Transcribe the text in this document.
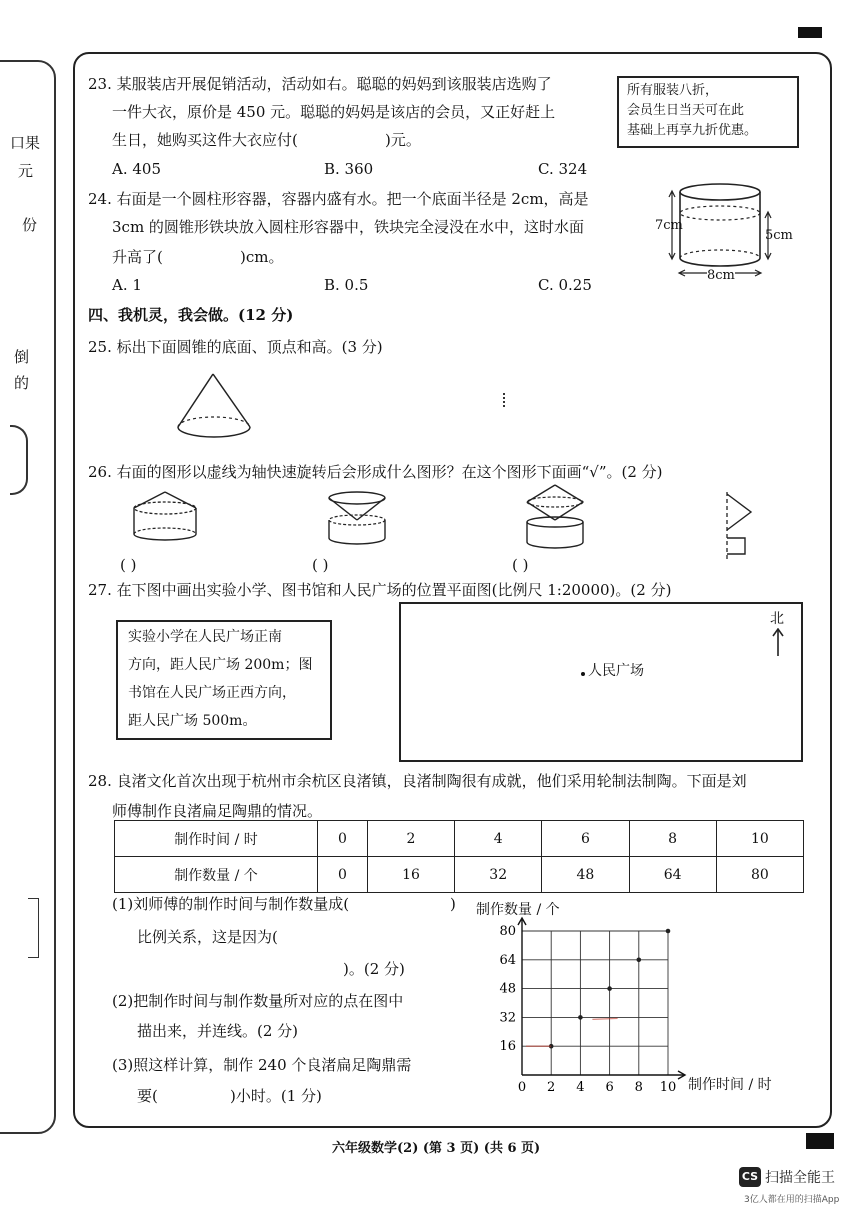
口果
元
份
倒
的
23. 某服装店开展促销活动，活动如右。聪聪的妈妈到该服装店选购了
一件大衣，原价是 450 元。聪聪的妈妈是该店的会员，又正好赶上
生日，她购买这件大衣应付(	)元。
所有服装八折，
会员生日当天可在此
基础上再享九折优惠。
A. 405	B. 360	C. 324
24. 右面是一个圆柱形容器，容器内盛有水。把一个底面半径是 2cm，高是
3cm 的圆锥形铁块放入圆柱形容器中，铁块完全浸没在水中，这时水面
升高了(	)cm。
A. 1	B. 0.5	C. 0.25
7cm
5cm
8cm
四、我机灵，我会做。(12 分)
25. 标出下面圆锥的底面、顶点和高。(3 分)
26. 右面的图形以虚线为轴快速旋转后会形成什么图形？在这个图形下面画“√”。(2 分)
( )	( )	( )
27. 在下图中画出实验小学、图书馆和人民广场的位置平面图(比例尺 1:20000)。(2 分)
实验小学在人民广场正南
方向，距人民广场 200m；图
书馆在人民广场正西方向，
距人民广场 500m。
北
人民广场
28. 良渚文化首次出现于杭州市余杭区良渚镇，良渚制陶很有成就，他们采用轮制法制陶。下面是刘
师傅制作良渚扁足陶鼎的情况。
制作时间 / 时	0	2	4	6	8	10
制作数量 / 个	0	16	32	48	64	80
(1)刘师傅的制作时间与制作数量成(	)
比例关系，这是因为(
)。(2 分)
(2)把制作时间与制作数量所对应的点在图中
描出来，并连线。(2 分)
(3)照这样计算，制作 240 个良渚扁足陶鼎需
要(	)小时。(1 分)
制作数量 / 个
制作时间 / 时
0 2 4 6 8 10
16
32
48
64
80
六年级数学(2) (第 3 页) (共 6 页)
CS 扫描全能王
3亿人都在用的扫描App
